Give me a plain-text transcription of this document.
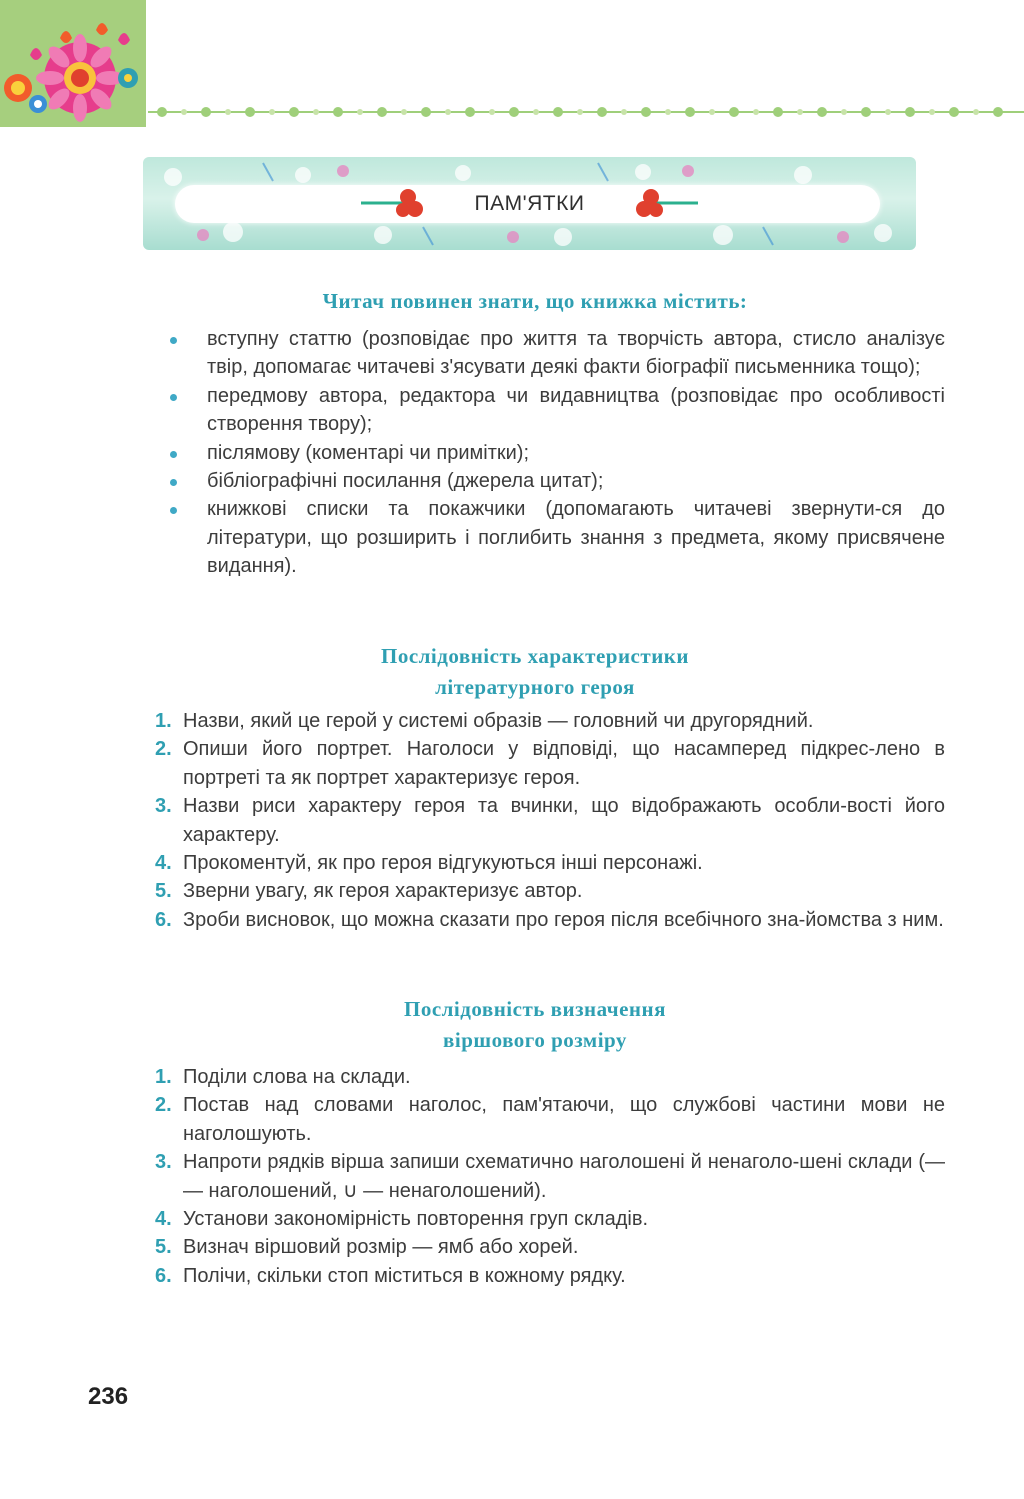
ПАМ'ЯТКИ
Читач повинен знати, що книжка містить:
вступну статтю (розповідає про життя та творчість автора, стисло аналізує твір, допомагає читачеві з'ясувати деякі факти біографії письменника тощо);
передмову автора, редактора чи видавництва (розповідає про особливості створення твору);
післямову (коментарі чи примітки);
бібліографічні посилання (джерела цитат);
книжкові списки та покажчики (допомагають читачеві звернути-ся до літератури, що розширить і поглибить знання з предмета, якому присвячене видання).
Послідовність характеристики
літературного героя
1. Назви, який це герой у системі образів — головний чи другорядний.
2. Опиши його портрет. Наголоси у відповіді, що насамперед підкрес-лено в портреті та як портрет характеризує героя.
3. Назви риси характеру героя та вчинки, що відображають особли-вості його характеру.
4. Прокоментуй, як про героя відгукуються інші персонажі.
5. Зверни увагу, як героя характеризує автор.
6. Зроби висновок, що можна сказати про героя після всебічного зна-йомства з ним.
Послідовність визначення
віршового розміру
1. Поділи слова на склади.
2. Постав над словами наголос, пам'ятаючи, що службові частини мови не наголошують.
3. Напроти рядків вірша запиши схематично наголошені й ненаголо-шені склади (— — наголошений, ∪ — ненаголошений).
4. Установи закономірність повторення груп складів.
5. Визнач віршовий розмір — ямб або хорей.
6. Полічи, скільки стоп міститься в кожному рядку.
236
